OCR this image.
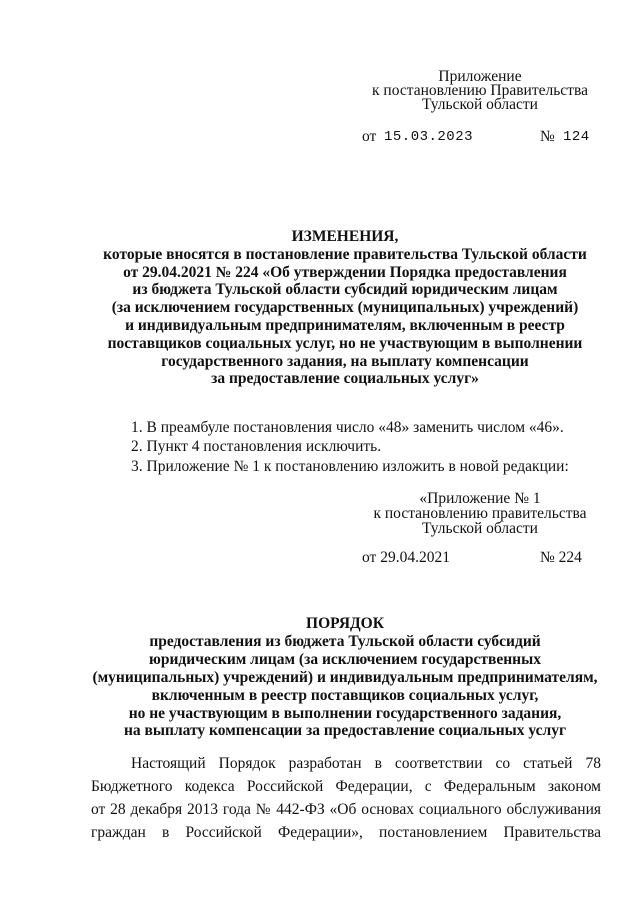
Приложение

к постановлению Правительства

Тульской области

от 15.03.2023	№ 124

ИЗМЕНЕНИЯ,

которые вносятся в постановление правительства Тульской области

от 29.04.2021 № 224 «Об утверждении Порядка предоставления

из бюджета Тульской области субсидий юридическим лицам

(за исключением государственных (муниципальных) учреждений)

и индивидуальным предпринимателям, включенным в реестр

поставщиков социальных услуг, но не участвующим в выполнении

государственного задания, на выплату компенсации

за предоставление социальных услуг»

1. В преамбуле постановления число «48» заменить числом «46».

2. Пункт 4 постановления исключить.

3. Приложение № 1 к постановлению изложить в новой редакции:

«Приложение № 1

к постановлению правительства

Тульской области

от 29.04.2021	№ 224

ПОРЯДОК

предоставления из бюджета Тульской области субсидий

юридическим лицам (за исключением государственных

(муниципальных) учреждений) и индивидуальным предпринимателям,

включенным в реестр поставщиков социальных услуг,

но не участвующим в выполнении государственного задания,

на выплату компенсации за предоставление социальных услуг

Настоящий Порядок разработан в соответствии со статьей 78

Бюджетного кодекса Российской Федерации, с Федеральным законом

от 28 декабря 2013 года № 442-ФЗ «Об основах социального обслуживания

граждан в Российской Федерации», постановлением Правительства
